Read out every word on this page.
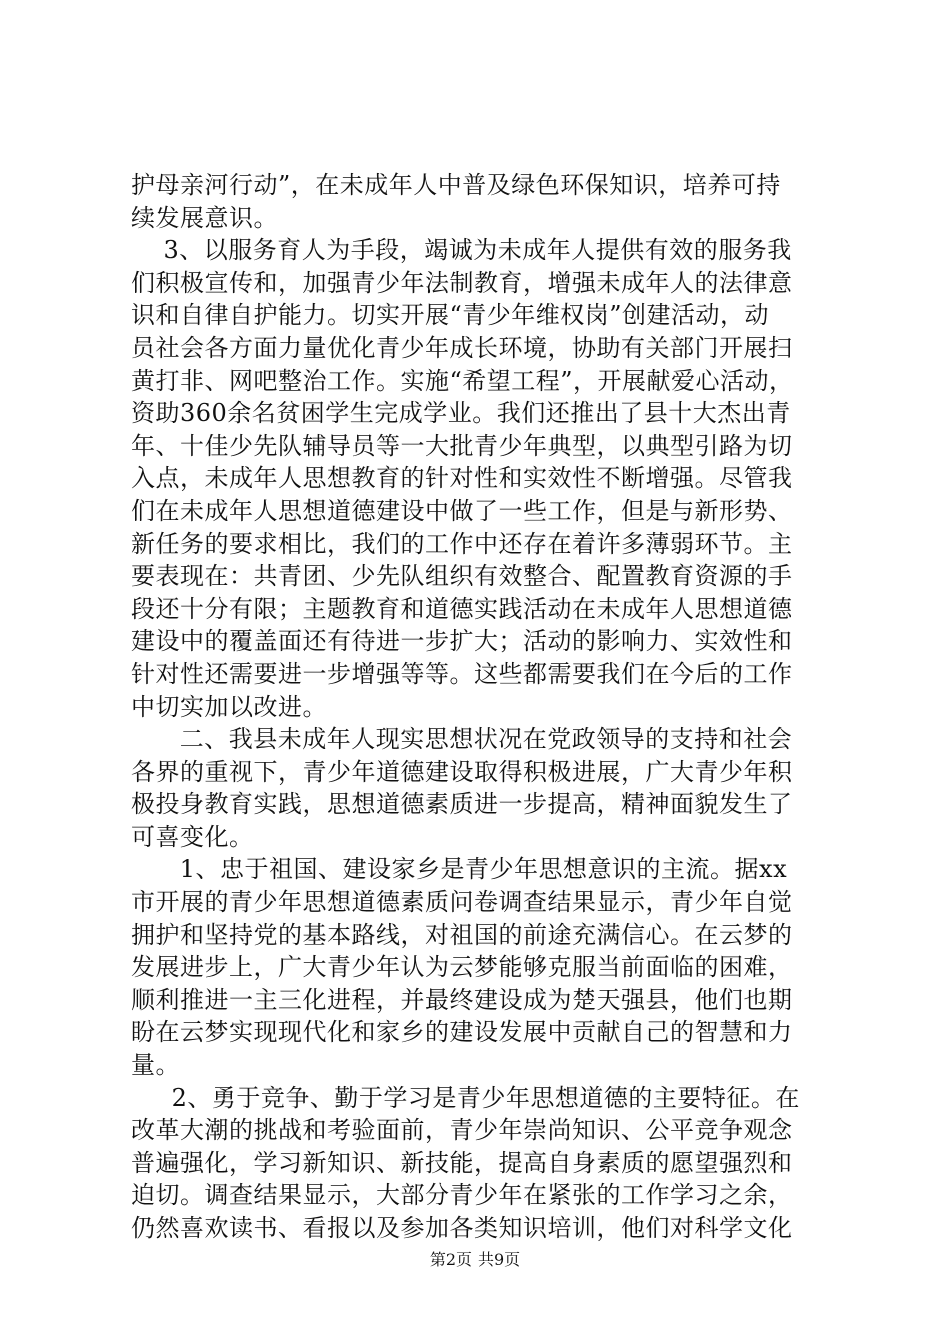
护母亲河行动”，在未成年人中普及绿色环保知识，培养可持
续发展意识。
3、以服务育人为手段，竭诚为未成年人提供有效的服务我
们积极宣传和，加强青少年法制教育，增强未成年人的法律意
识和自律自护能力。切实开展“青少年维权岗”创建活动，动
员社会各方面力量优化青少年成长环境，协助有关部门开展扫
黄打非、网吧整治工作。实施“希望工程”，开展献爱心活动，
资助360余名贫困学生完成学业。我们还推出了县十大杰出青
年、十佳少先队辅导员等一大批青少年典型，以典型引路为切
入点，未成年人思想教育的针对性和实效性不断增强。尽管我
们在未成年人思想道德建设中做了一些工作，但是与新形势、
新任务的要求相比，我们的工作中还存在着许多薄弱环节。主
要表现在：共青团、少先队组织有效整合、配置教育资源的手
段还十分有限；主题教育和道德实践活动在未成年人思想道德
建设中的覆盖面还有待进一步扩大；活动的影响力、实效性和
针对性还需要进一步增强等等。这些都需要我们在今后的工作
中切实加以改进。
二、我县未成年人现实思想状况在党政领导的支持和社会
各界的重视下，青少年道德建设取得积极进展，广大青少年积
极投身教育实践，思想道德素质进一步提高，精神面貌发生了
可喜变化。
1、忠于祖国、建设家乡是青少年思想意识的主流。据xx
市开展的青少年思想道德素质问卷调查结果显示，青少年自觉
拥护和坚持党的基本路线，对祖国的前途充满信心。在云梦的
发展进步上，广大青少年认为云梦能够克服当前面临的困难，
顺利推进一主三化进程，并最终建设成为楚天强县，他们也期
盼在云梦实现现代化和家乡的建设发展中贡献自己的智慧和力
量。
2、勇于竞争、勤于学习是青少年思想道德的主要特征。在
改革大潮的挑战和考验面前，青少年崇尚知识、公平竞争观念
普遍强化，学习新知识、新技能，提高自身素质的愿望强烈和
迫切。调查结果显示，大部分青少年在紧张的工作学习之余，
仍然喜欢读书、看报以及参加各类知识培训，他们对科学文化
第2页 共9页
